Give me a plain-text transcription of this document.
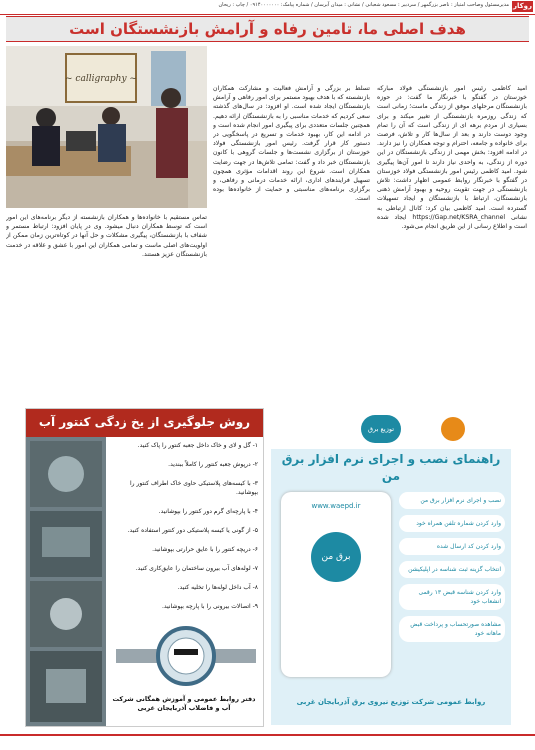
روکار
مدیرمسئول وصاحب امتیاز : ناصر بزرگمهر / سردبیر : مسعود شعبانی / نشانی : میدان آبرسان / شماره پیامک: ۰۹۱۴۰۰۰۰۰۰۰ / چاپ : ریحان
هدف اصلی ما، تامین رفاه و آرامش بازنشستگان است
~ calligraphy ~
امید کاظمی رئیس امور بازنشستگی فولاد مبارکه خوزستان در گفتگو با خبرنگار ما گفت: در حوزه بازنشستگان مرحلهای موفق از زندگی ماست؛ زمانی است که زندگی روزمره بازنشستگی از تغییر میکند و برای بسیاری از مردم برهه ای از زندگی است که آن را تمام وجود دوست دارند و بعد از سال‌ها کار و تلاش، فرصت برای خانواده و جامعه، احترام و توجه همکاران را نیز دارند. در ادامه افزود: بخش مهمی از زندگی بازنشستگان در این دوره از زندگی، به واحدی نیاز دارند تا امور آن‌ها پیگیری شود. امید کاظمی رئیس امور بازنشستگی فولاد خوزستان در گفتگو با خبرنگار روابط عمومی اظهار داشت: تلاش بازنشستگی در جهت تقویت روحیه و بهبود آرامش ذهنی بازنشستگان، ارتباط با بازنشستگان و ایجاد تسهیلات گسترده است. امید کاظمی بیان کرد: کانال ارتباطی به نشانی https://Gap.net/KSRA_channel ایجاد شده است و اطلاع رسانی از این طریق انجام می‌شود.
تسلط بر بزرگی و آرامش فعالیت و مشارکت همکاران بازنشسته که با هدف بهبود مستمر برای امور رفاهی و آرامش بازنشستگان ایجاد شده است. او افزود: در سال‌های گذشته سعی کردیم که خدمات مناسبی را به بازنشستگان ارائه دهیم. همچنین جلسات متعددی برای پیگیری امور انجام شده است و در ادامه این کار، بهبود خدمات و تسریع در پاسخگویی در دستور کار قرار گرفت. رئیس امور بازنشستگی فولاد خوزستان از برگزاری نشست‌ها و جلسات گروهی با کانون بازنشستگان خبر داد و گفت: تمامی تلاش‌ها در جهت رضایت همکاران است. شروع این روند اقدامات مؤثری همچون تسهیل فرایندهای اداری، ارائه خدمات درمانی و رفاهی، و برگزاری برنامه‌های مناسبتی و حمایت از خانواده‌ها بوده است.
تماس مستقیم با خانواده‌ها و همکاران بازنشسته از دیگر برنامه‌های این امور است که توسط همکاران دنبال میشود. وی در پایان افزود: ارتباط مستمر و شفاف با بازنشستگان، پیگیری مشکلات و حل آنها در کوتاه‌ترین زمان ممکن از اولویت‌های اصلی ماست و تمامی همکاران این امور با عشق و علاقه در خدمت بازنشستگان عزیز هستند.
روش جلوگیری از یخ زدگی کنتور آب
۱- گل و لای و خاک داخل جعبه کنتور را پاک کنید.
۲- درپوش جعبه کنتور را کاملاً ببندید.
۳- با کیسه‌های پلاستیکی حاوی خاک اطراف کنتور را بپوشانید.
۴- با پارچه‌ای گرم دور کنتور را بپوشانید.
۵- از گونی یا کیسه پلاستیکی دور کنتور استفاده کنید.
۶- دریچه کنتور را با عایق حرارتی بپوشانید.
۷- لوله‌های آب بیرون ساختمان را عایق‌کاری کنید.
۸- آب داخل لوله‌ها را تخلیه کنید.
۹- اتصالات بیرونی را با پارچه بپوشانید.
دفتر روابط عمومی و آموزش همگانی شرکت آب و فاضلاب آذربایجان غربی
توزیع برق
راهنمای نصب و اجرای نرم افزار برق من
www.waepd.ir
برق من
نصب و اجرای نرم افزار برق من
وارد کردن شماره تلفن همراه خود
وارد کردن کد ارسال شده
انتخاب گزینه ثبت شناسه در اپلیکیشن
وارد کردن شناسه قبض ۱۳ رقمی انشعاب خود
مشاهده صورتحساب و پرداخت قبض ماهانه خود
روابط عمومی شرکت توزیع نیروی برق آذربایجان غربی
